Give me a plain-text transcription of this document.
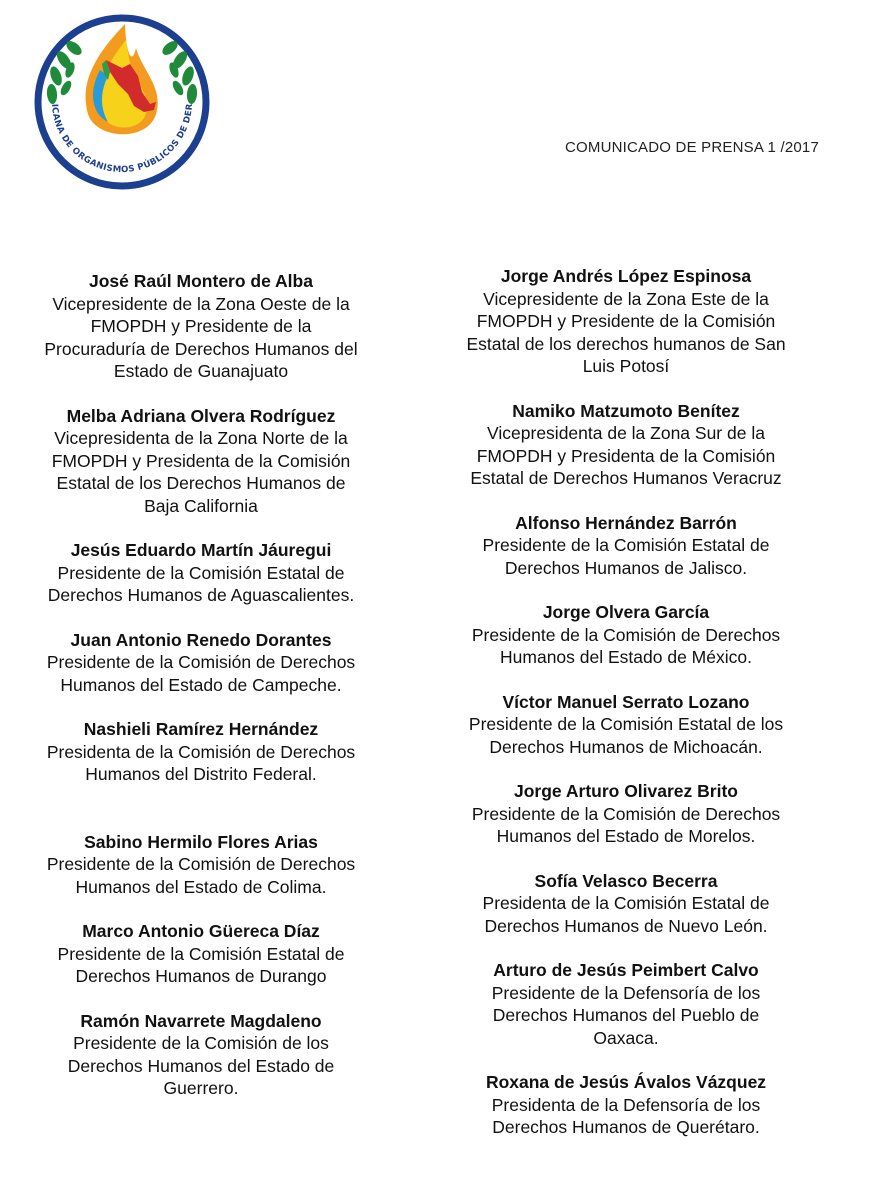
ICANA DE ORGANISMOS PÚBLICOS DE DER
COMUNICADO DE PRENSA 1 /2017
José Raúl Montero de Alba
Vicepresidente de la Zona Oeste de la
FMOPDH y Presidente de la
Procuraduría de Derechos Humanos del
Estado de Guanajuato
Melba Adriana Olvera Rodríguez
Vicepresidenta de la Zona Norte de la
FMOPDH y Presidenta de la Comisión
Estatal de los Derechos Humanos de
Baja California
Jesús Eduardo Martín Jáuregui
Presidente de la Comisión Estatal de
Derechos Humanos de Aguascalientes.
Juan Antonio Renedo Dorantes
Presidente de la Comisión de Derechos
Humanos del Estado de Campeche.
Nashieli Ramírez Hernández
Presidenta de la Comisión de Derechos
Humanos del Distrito Federal.
Sabino Hermilo Flores Arias
Presidente de la Comisión de Derechos
Humanos del Estado de Colima.
Marco Antonio Güereca Díaz
Presidente de la Comisión Estatal de
Derechos Humanos de Durango
Ramón Navarrete Magdaleno
Presidente de la Comisión de los
Derechos Humanos del Estado de
Guerrero.
Jorge Andrés López Espinosa
Vicepresidente de la Zona Este de la
FMOPDH y Presidente de la Comisión
Estatal de los derechos humanos de San
Luis Potosí
Namiko Matzumoto Benítez
Vicepresidenta de la Zona Sur de la
FMOPDH y Presidenta de la Comisión
Estatal de Derechos Humanos Veracruz
Alfonso Hernández Barrón
Presidente de la Comisión Estatal de
Derechos Humanos de Jalisco.
Jorge Olvera García
Presidente de la Comisión de Derechos
Humanos del Estado de México.
Víctor Manuel Serrato Lozano
Presidente de la Comisión Estatal de los
Derechos Humanos de Michoacán.
Jorge Arturo Olivarez Brito
Presidente de la Comisión de Derechos
Humanos del Estado de Morelos.
Sofía Velasco Becerra
Presidenta de la Comisión Estatal de
Derechos Humanos de Nuevo León.
Arturo de Jesús Peimbert Calvo
Presidente de la Defensoría de los
Derechos Humanos del Pueblo de
Oaxaca.
Roxana de Jesús Ávalos Vázquez
Presidenta de la Defensoría de los
Derechos Humanos de Querétaro.
